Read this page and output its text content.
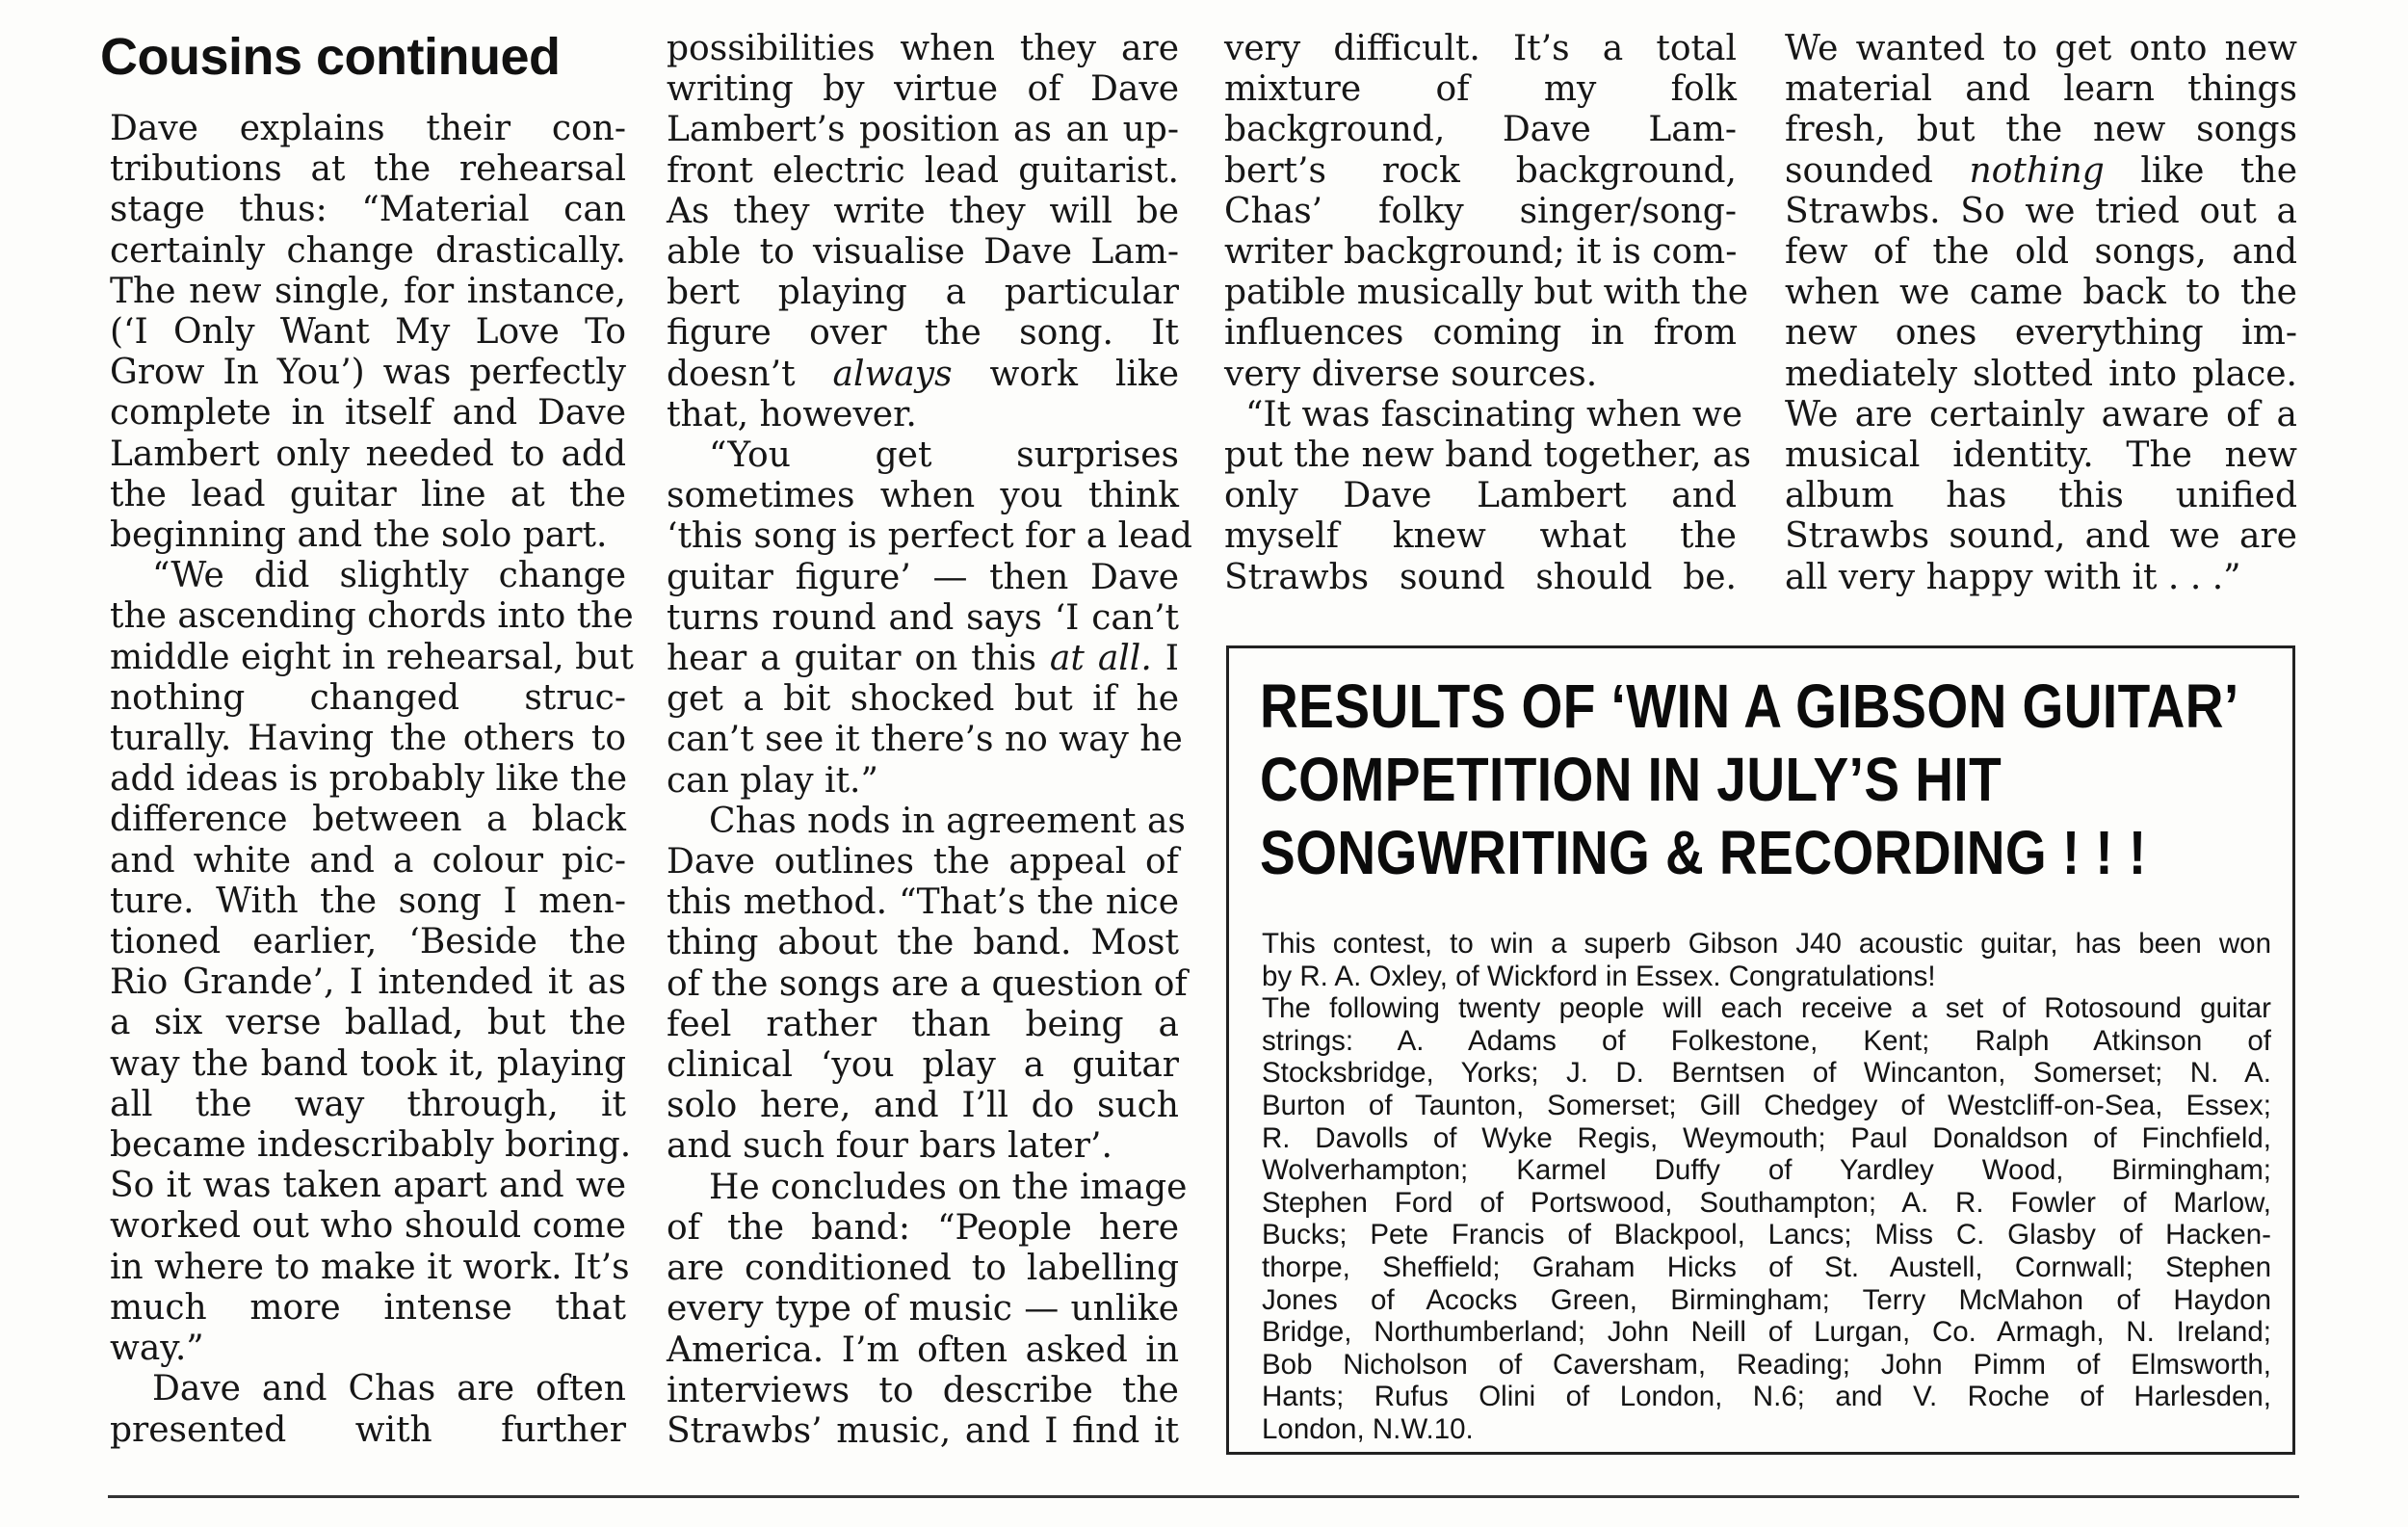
Cousins continued
Dave explains their con-
tributions at the rehearsal
stage thus: “Material can
certainly change drastically.
The new single, for instance,
(‘I Only Want My Love To
Grow In You’) was perfectly
complete in itself and Dave
Lambert only needed to add
the lead guitar line at the
beginning and the solo part.
“We did slightly change
the ascending chords into the
middle eight in rehearsal, but
nothing changed struc-
turally. Having the others to
add ideas is probably like the
difference between a black
and white and a colour pic-
ture. With the song I men-
tioned earlier, ‘Beside the
Rio Grande’, I intended it as
a six verse ballad, but the
way the band took it, playing
all the way through, it
became indescribably boring.
So it was taken apart and we
worked out who should come
in where to make it work. It’s
much more intense that
way.”
Dave and Chas are often
presented with further
possibilities when they are
writing by virtue of Dave
Lambert’s position as an up-
front electric lead guitarist.
As they write they will be
able to visualise Dave Lam-
bert playing a particular
figure over the song. It
doesn’t always work like
that, however.
“You get surprises
sometimes when you think
‘this song is perfect for a lead
guitar figure’ — then Dave
turns round and says ‘I can’t
hear a guitar on this at all. I
get a bit shocked but if he
can’t see it there’s no way he
can play it.”
Chas nods in agreement as
Dave outlines the appeal of
this method. “That’s the nice
thing about the band. Most
of the songs are a question of
feel rather than being a
clinical ‘you play a guitar
solo here, and I’ll do such
and such four bars later’.
He concludes on the image
of the band: “People here
are conditioned to labelling
every type of music — unlike
America. I’m often asked in
interviews to describe the
Strawbs’ music, and I find it
very difficult. It’s a total
mixture of my folk
background, Dave Lam-
bert’s rock background,
Chas’ folky singer/song-
writer background; it is com-
patible musically but with the
influences coming in from
very diverse sources.
“It was fascinating when we
put the new band together, as
only Dave Lambert and
myself knew what the
Strawbs sound should be.
We wanted to get onto new
material and learn things
fresh, but the new songs
sounded nothing like the
Strawbs. So we tried out a
few of the old songs, and
when we came back to the
new ones everything im-
mediately slotted into place.
We are certainly aware of a
musical identity. The new
album has this unified
Strawbs sound, and we are
all very happy with it . . .”
RESULTS OF ‘WIN A GIBSON GUITAR’
COMPETITION IN JULY’S HIT
SONGWRITING & RECORDING ! ! !
This contest, to win a superb Gibson J40 acoustic guitar, has been won
by R. A. Oxley, of Wickford in Essex. Congratulations!
The following twenty people will each receive a set of Rotosound guitar
strings: A. Adams of Folkestone, Kent; Ralph Atkinson of
Stocksbridge, Yorks; J. D. Berntsen of Wincanton, Somerset; N. A.
Burton of Taunton, Somerset; Gill Chedgey of Westcliff-on-Sea, Essex;
R. Davolls of Wyke Regis, Weymouth; Paul Donaldson of Finchfield,
Wolverhampton; Karmel Duffy of Yardley Wood, Birmingham;
Stephen Ford of Portswood, Southampton; A. R. Fowler of Marlow,
Bucks; Pete Francis of Blackpool, Lancs; Miss C. Glasby of Hacken-
thorpe, Sheffield; Graham Hicks of St. Austell, Cornwall; Stephen
Jones of Acocks Green, Birmingham; Terry McMahon of Haydon
Bridge, Northumberland; John Neill of Lurgan, Co. Armagh, N. Ireland;
Bob Nicholson of Caversham, Reading; John Pimm of Elmsworth,
Hants; Rufus Olini of London, N.6; and V. Roche of Harlesden,
London, N.W.10.
